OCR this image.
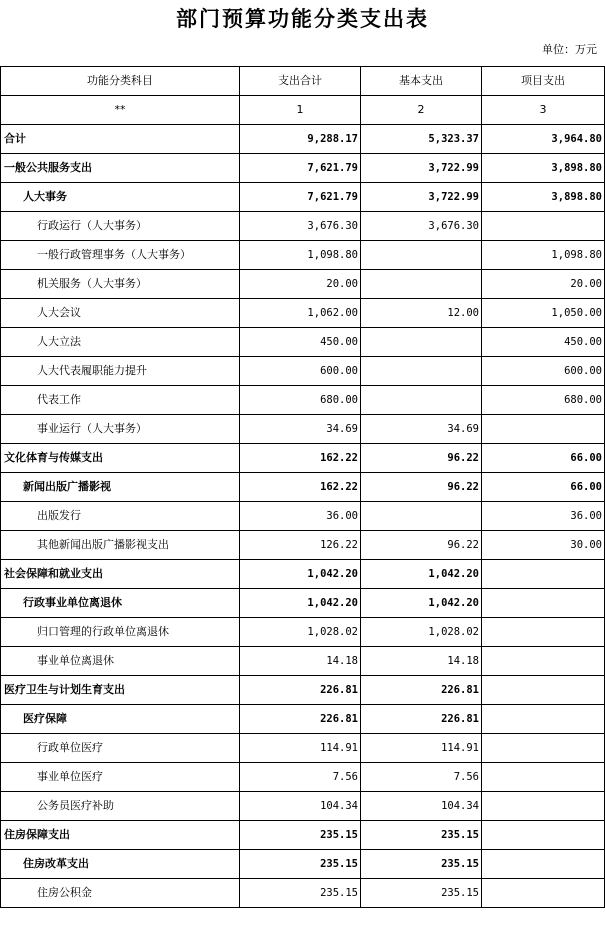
部门预算功能分类支出表
单位：万元
功能分类科目	支出合计	基本支出	项目支出
**	1	2	3
合计	9,288.17	5,323.37	3,964.80
一般公共服务支出	7,621.79	3,722.99	3,898.80
人大事务	7,621.79	3,722.99	3,898.80
行政运行（人大事务）	3,676.30	3,676.30	
一般行政管理事务（人大事务）	1,098.80		1,098.80
机关服务（人大事务）	20.00		20.00
人大会议	1,062.00	12.00	1,050.00
人大立法	450.00		450.00
人大代表履职能力提升	600.00		600.00
代表工作	680.00		680.00
事业运行（人大事务）	34.69	34.69	
文化体育与传媒支出	162.22	96.22	66.00
新闻出版广播影视	162.22	96.22	66.00
出版发行	36.00		36.00
其他新闻出版广播影视支出	126.22	96.22	30.00
社会保障和就业支出	1,042.20	1,042.20	
行政事业单位离退休	1,042.20	1,042.20	
归口管理的行政单位离退休	1,028.02	1,028.02	
事业单位离退休	14.18	14.18	
医疗卫生与计划生育支出	226.81	226.81	
医疗保障	226.81	226.81	
行政单位医疗	114.91	114.91	
事业单位医疗	7.56	7.56	
公务员医疗补助	104.34	104.34	
住房保障支出	235.15	235.15	
住房改革支出	235.15	235.15	
住房公积金	235.15	235.15	
